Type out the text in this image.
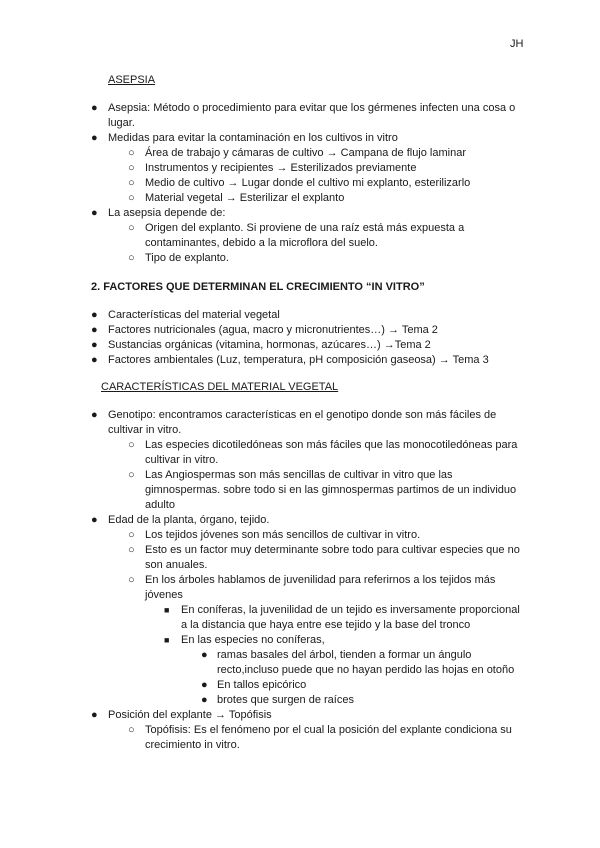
JH
ASEPSIA
● Asepsia: Método o procedimiento para evitar que los gérmenes infecten una cosa o
lugar.
● Medidas para evitar la contaminación en los cultivos in vitro
○ Área de trabajo y cámaras de cultivo → Campana de flujo laminar
○ Instrumentos y recipientes → Esterilizados previamente
○ Medio de cultivo → Lugar donde el cultivo mi explanto, esterilizarlo
○ Material vegetal → Esterilizar el explanto
● La asepsia depende de:
○ Origen del explanto. Si proviene de una raíz está más expuesta a
contaminantes, debido a la microflora del suelo.
○ Tipo de explanto.
2. FACTORES QUE DETERMINAN EL CRECIMIENTO “IN VITRO”
● Características del material vegetal
● Factores nutricionales (agua, macro y micronutrientes…) → Tema 2
● Sustancias orgánicas (vitamina, hormonas, azúcares…) →Tema 2
● Factores ambientales (Luz, temperatura, pH composición gaseosa) → Tema 3
CARACTERÍSTICAS DEL MATERIAL VEGETAL
● Genotipo: encontramos características en el genotipo donde son más fáciles de
cultivar in vitro.
○ Las especies dicotiledóneas son más fáciles que las monocotiledóneas para
cultivar in vitro.
○ Las Angiospermas son más sencillas de cultivar in vitro que las
gimnospermas. sobre todo si en las gimnospermas partimos de un individuo
adulto
● Edad de la planta, órgano, tejido.
○ Los tejidos jóvenes son más sencillos de cultivar in vitro.
○ Esto es un factor muy determinante sobre todo para cultivar especies que no
son anuales.
○ En los árboles hablamos de juvenilidad para referirnos a los tejidos más
jóvenes
■ En coníferas, la juvenilidad de un tejido es inversamente proporcional
a la distancia que haya entre ese tejido y la base del tronco
■ En las especies no coníferas,
● ramas basales del árbol, tienden a formar un ángulo
recto,incluso puede que no hayan perdido las hojas en otoño
● En tallos epicórico
● brotes que surgen de raíces
● Posición del explante → Topófisis
○ Topófisis: Es el fenómeno por el cual la posición del explante condiciona su
crecimiento in vitro.
